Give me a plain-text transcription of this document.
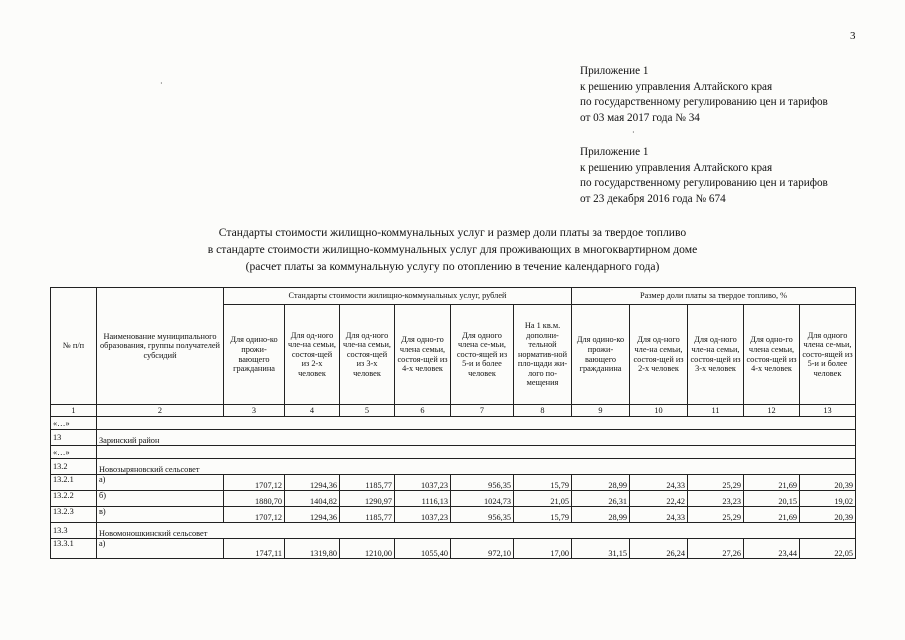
3
·
·
Приложение 1
к решению управления Алтайского края
по государственному регулированию цен и тарифов
от 03 мая 2017 года № 34
Приложение 1
к решению управления Алтайского края
по государственному регулированию цен и тарифов
от 23 декабря 2016 года № 674
Стандарты стоимости жилищно-коммунальных услуг и размер доли платы за твердое топливо
в стандарте стоимости жилищно-коммунальных услуг для проживающих в многоквартирном доме
(расчет платы за коммунальную услугу по отоплению в течение календарного года)
№ п/п	Наименование муниципального образования, группы получателей субсидий	Стандарты стоимости жилищно-коммунальных услуг, рублей						Размер доли платы за твердое топливо, %				
		Для одино-ко прожи-вающего гражданина	Для од-ного чле-на семьи, состоя-щей из 2-х человек	Для од-ного чле-на семьи, состоя-щей из 3-х человек	Для одно-го члена семьи, состоя-щей из 4-х человек	Для одного члена се-мьи, состо-ящей из 5-и и более человек	На 1 кв.м. дополни-тельной норматив-ной пло-щади жи-лого по-мещения	Для одино-ко прожи-вающего гражданина	Для од-ного чле-на семьи, состоя-щей из 2-х человек	Для од-ного чле-на семьи, состоя-щей из 3-х человек	Для одно-го члена семьи, состоя-щей из 4-х человек	Для одного члена се-мьи, состо-ящей из 5-и и более человек
1	2	3	4	5	6	7	8	9	10	11	12	13
«…»												
13	Заринский район											
«…»												
13.2	Новозыряновский сельсовет											
13.2.1	а)	1707,12	1294,36	1185,77	1037,23	956,35	15,79	28,99	24,33	25,29	21,69	20,39
13.2.2	б)	1880,70	1404,82	1290,97	1116,13	1024,73	21,05	26,31	22,42	23,23	20,15	19,02
13.2.3	в)	1707,12	1294,36	1185,77	1037,23	956,35	15,79	28,99	24,33	25,29	21,69	20,39
13.3	Новомоношкинский сельсовет											
13.3.1	а)	1747,11	1319,80	1210,00	1055,40	972,10	17,00	31,15	26,24	27,26	23,44	22,05
